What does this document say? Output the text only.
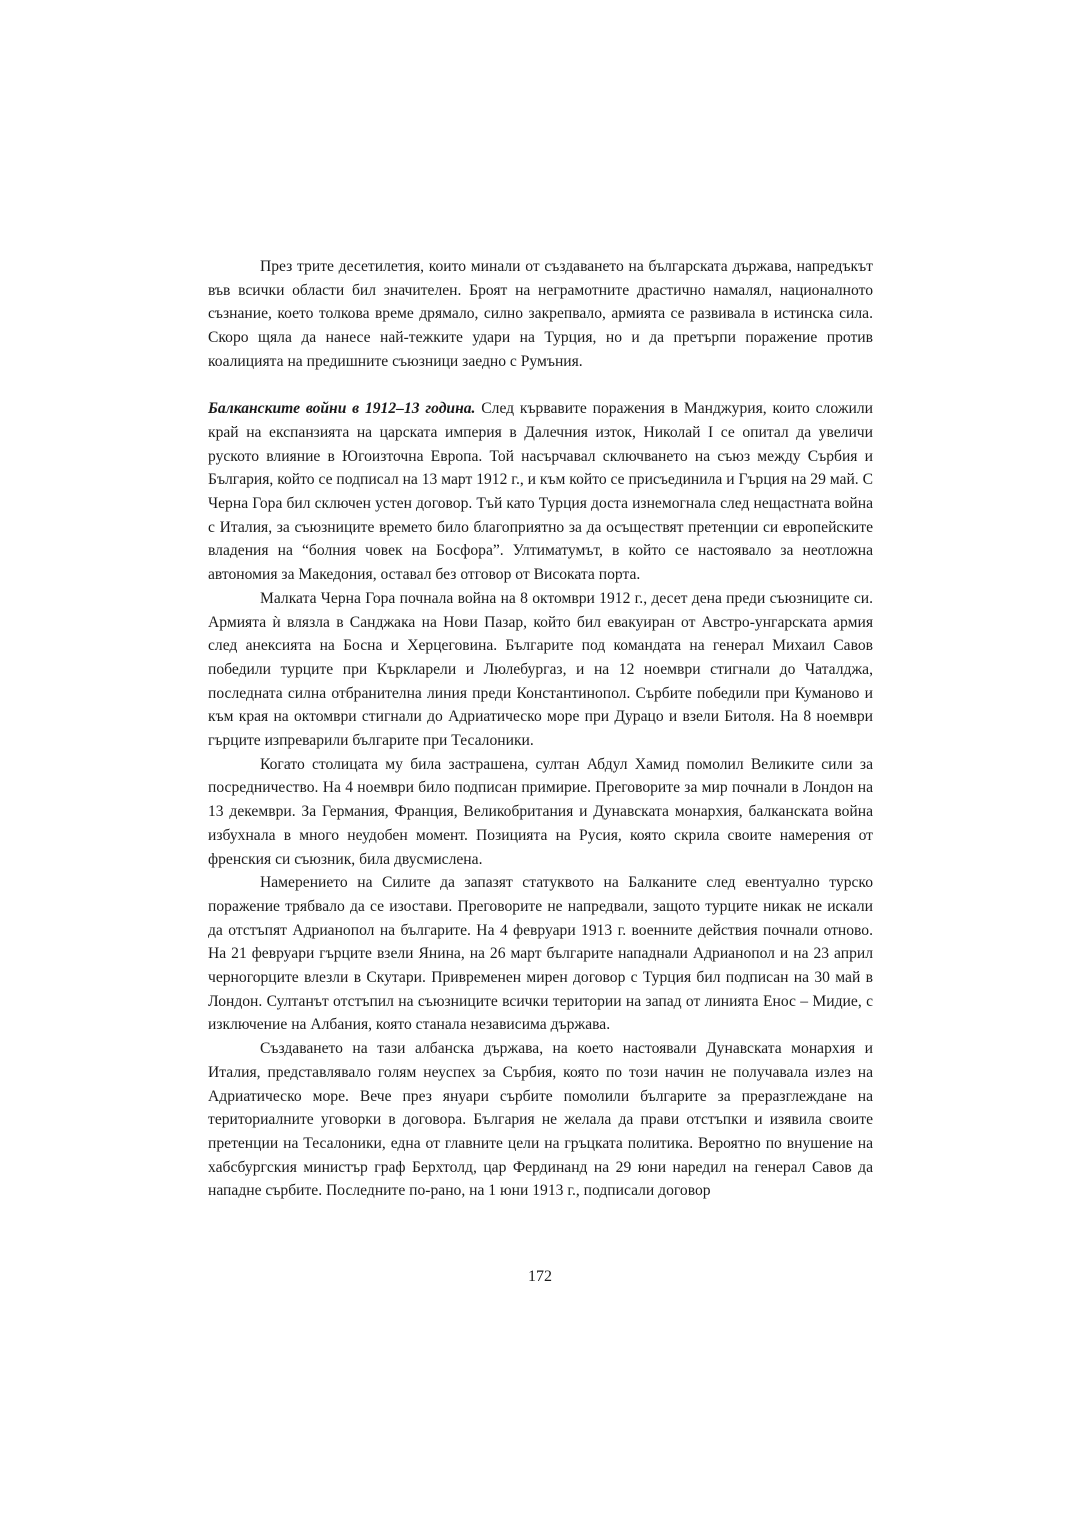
През трите десетилетия, които минали от създаването на българската държава, напредъкът във всички области бил значителен. Броят на неграмотните драстично намалял, националното съзнание, което толкова време дрямало, силно закрепвало, армията се развивала в истинска сила. Скоро щяла да нанесе най-тежките удари на Турция, но и да претърпи поражение против коалицията на предишните съюзници заедно с Румъния.

Балканските войни в 1912–13 година. След кървавите поражения в Манджурия, които сложили край на експанзията на царската империя в Далечния изток, Николай I се опитал да увеличи руското влияние в Югоизточна Европа. Той насърчавал сключването на съюз между Сърбия и България, който се подписал на 13 март 1912 г., и към който се присъединила и Гърция на 29 май. С Черна Гора бил сключен устен договор. Тъй като Турция доста изнемогнала след нещастната война с Италия, за съюзниците времето било благоприятно за да осъществят претенции си европейските владения на “болния човек на Босфора”. Ултиматумът, в който се настоявало за неотложна автономия за Македония, оставал без отговор от Високата порта.

Малката Черна Гора почнала война на 8 октомври 1912 г., десет дена преди съюзниците си. Армията ѝ влязла в Санджака на Нови Пазар, който бил евакуиран от Австро-унгарската армия след анексията на Босна и Херцеговина. Българите под командата на генерал Михаил Савов победили турците при Къркларели и Люлебургаз, и на 12 ноември стигнали до Чаталджа, последната силна отбранителна линия преди Константинопол. Сърбите победили при Куманово и към края на октомври стигнали до Адриатическо море при Дурацо и взели Битоля. На 8 ноември гърците изпреварили българите при Тесалоники.

Когато столицата му била застрашена, султан Абдул Хамид помолил Великите сили за посредничество. На 4 ноември било подписан примирие. Преговорите за мир почнали в Лондон на 13 декември. За Германия, Франция, Великобритания и Дунавската монархия, балканската война избухнала в много неудобен момент. Позицията на Русия, която скрила своите намерения от френския си съюзник, била двусмислена.

Намерението на Силите да запазят статуквото на Балканите след евентуално турско поражение трябвало да се изостави. Преговорите не напредвали, защото турците никак не искали да отстъпят Адрианопол на българите. На 4 февруари 1913 г. военните действия почнали отново. На 21 февруари гърците взели Янина, на 26 март българите нападнали Адрианопол и на 23 април черногорците влезли в Скутари. Привременен мирен договор с Турция бил подписан на 30 май в Лондон. Султанът отстъпил на съюзниците всички територии на запад от линията Енос – Мидие, с изключение на Албания, която станала независима държава.

Създаването на тази албанска държава, на което настоявали Дунавската монархия и Италия, представлявало голям неуспех за Сърбия, която по този начин не получавала излез на Адриатическо море. Вече през януари сърбите помолили българите за преразглеждане на териториалните уговорки в договора. България не желала да прави отстъпки и изявила своите претенции на Тесалоники, една от главните цели на гръцката политика. Вероятно по внушение на хабсбургския министър граф Берхтолд, цар Фердинанд на 29 юни наредил на генерал Савов да нападне сърбите. Последните по-рано, на 1 юни 1913 г., подписали договор

172
